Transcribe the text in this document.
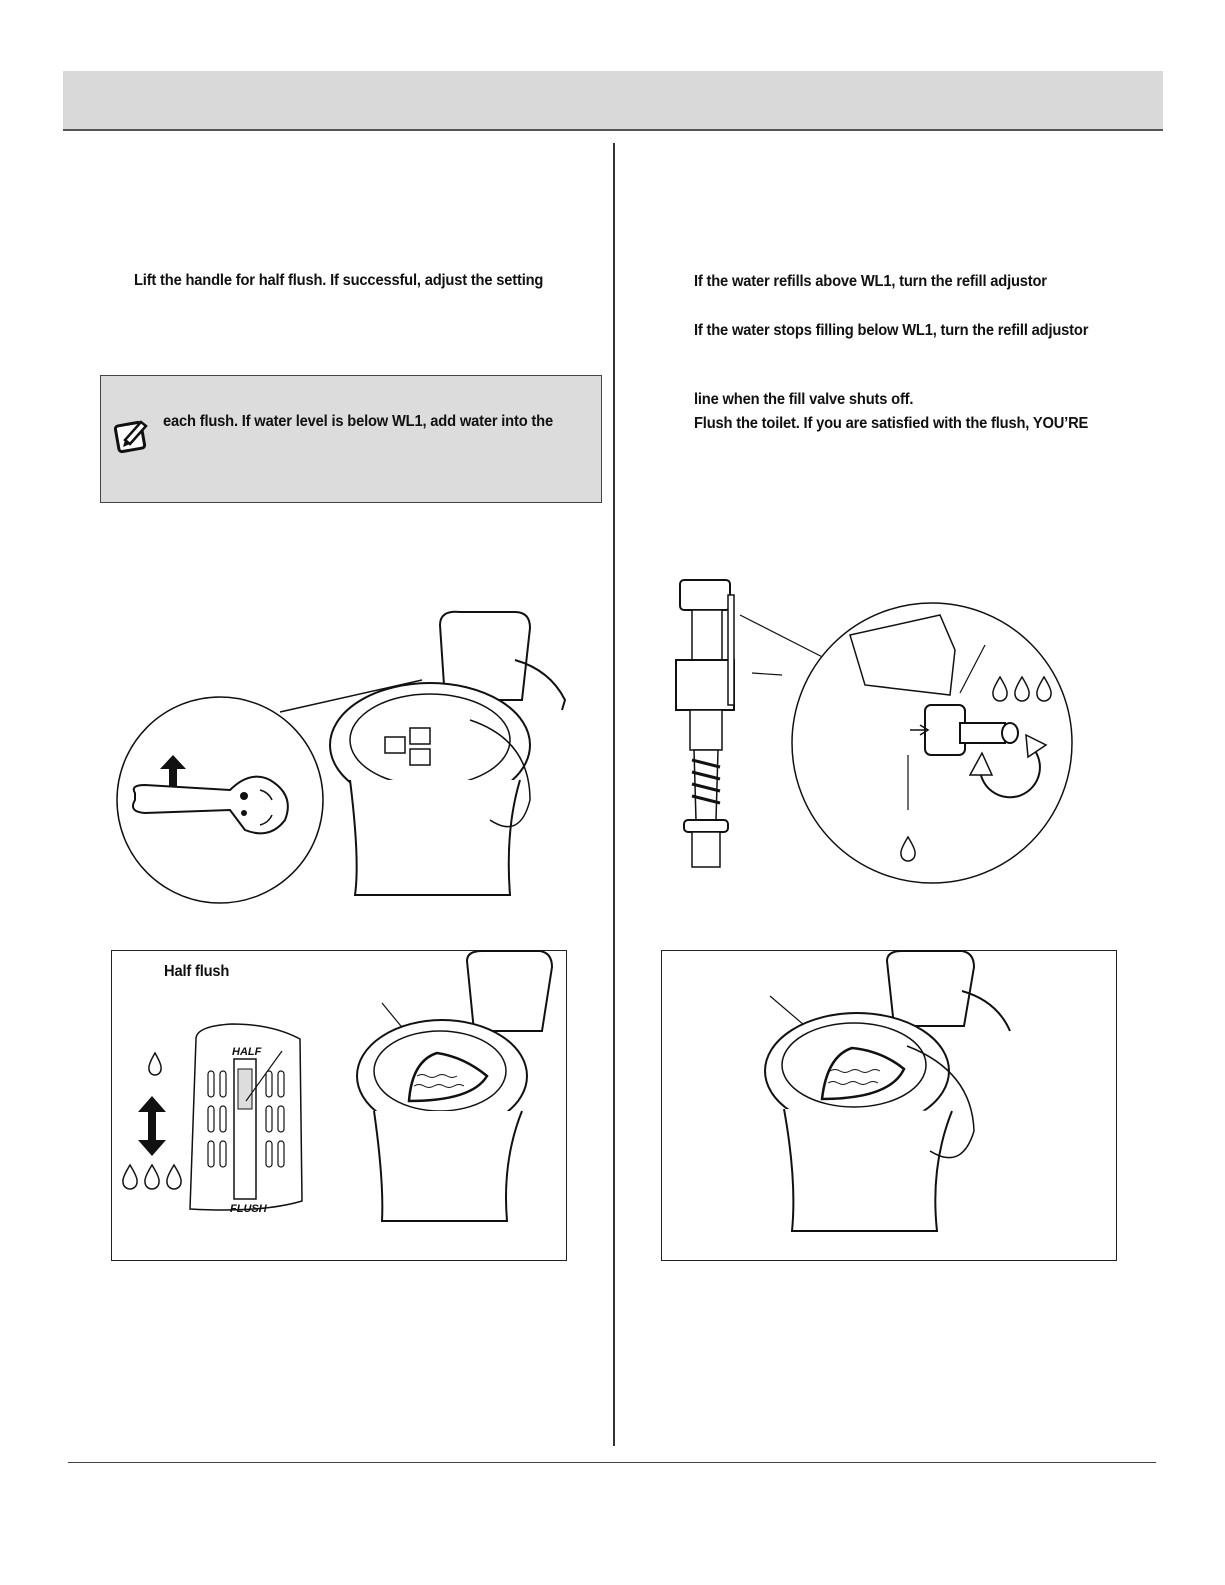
Lift the handle for half flush. If successful, adjust the setting
each flush. If water level is below WL1, add water into the
If the water refills above WL1, turn the refill adjustor
If the water stops filling below WL1, turn the refill adjustor
line when the fill valve shuts off.
Flush the toilet. If you are satisfied with the flush, YOU’RE
Half flush
HALF
FLUSH
